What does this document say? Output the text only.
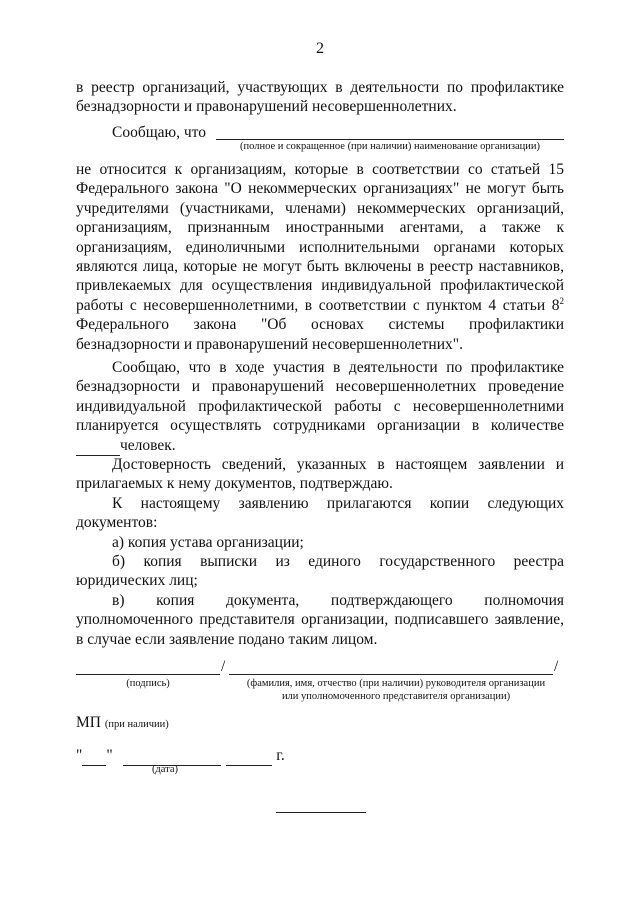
2
в реестр организаций, участвующих в деятельности по профилактике безнадзорности и правонарушений несовершеннолетних.
Сообщаю, что
(полное и сокращенное (при наличии) наименование организации)
не относится к организациям, которые в соответствии со статьей 15 Федерального закона "О некоммерческих организациях" не могут быть учредителями (участниками, членами) некоммерческих организаций, организациям, признанным иностранными агентами, а также к организациям, единоличными исполнительными органами которых являются лица, которые не могут быть включены в реестр наставников, привлекаемых для осуществления индивидуальной профилактической работы с несовершеннолетними, в соответствии с пунктом 4 статьи $8^2$ Федерального закона "Об основах системы профилактики безнадзорности и правонарушений несовершеннолетних".
Сообщаю, что в ходе участия в деятельности по профилактике безнадзорности и правонарушений несовершеннолетних проведение индивидуальной профилактической работы с несовершеннолетними планируется осуществлять сотрудниками организации в количестве  человек.
Достоверность сведений, указанных в настоящем заявлении и прилагаемых к нему документов, подтверждаю.
К настоящему заявлению прилагаются копии следующих документов:
а) копия устава организации;
б) копия выписки из единого государственного реестра юридических лиц;
в) копия документа, подтверждающего полномочия уполномоченного представителя организации, подписавшего заявление, в случае если заявление подано таким лицом.
/	/
(подпись)	(фамилия, имя, отчество (при наличии) руководителя организации
или уполномоченного представителя организации)
МП (при наличии)
" "	г.
(дата)
